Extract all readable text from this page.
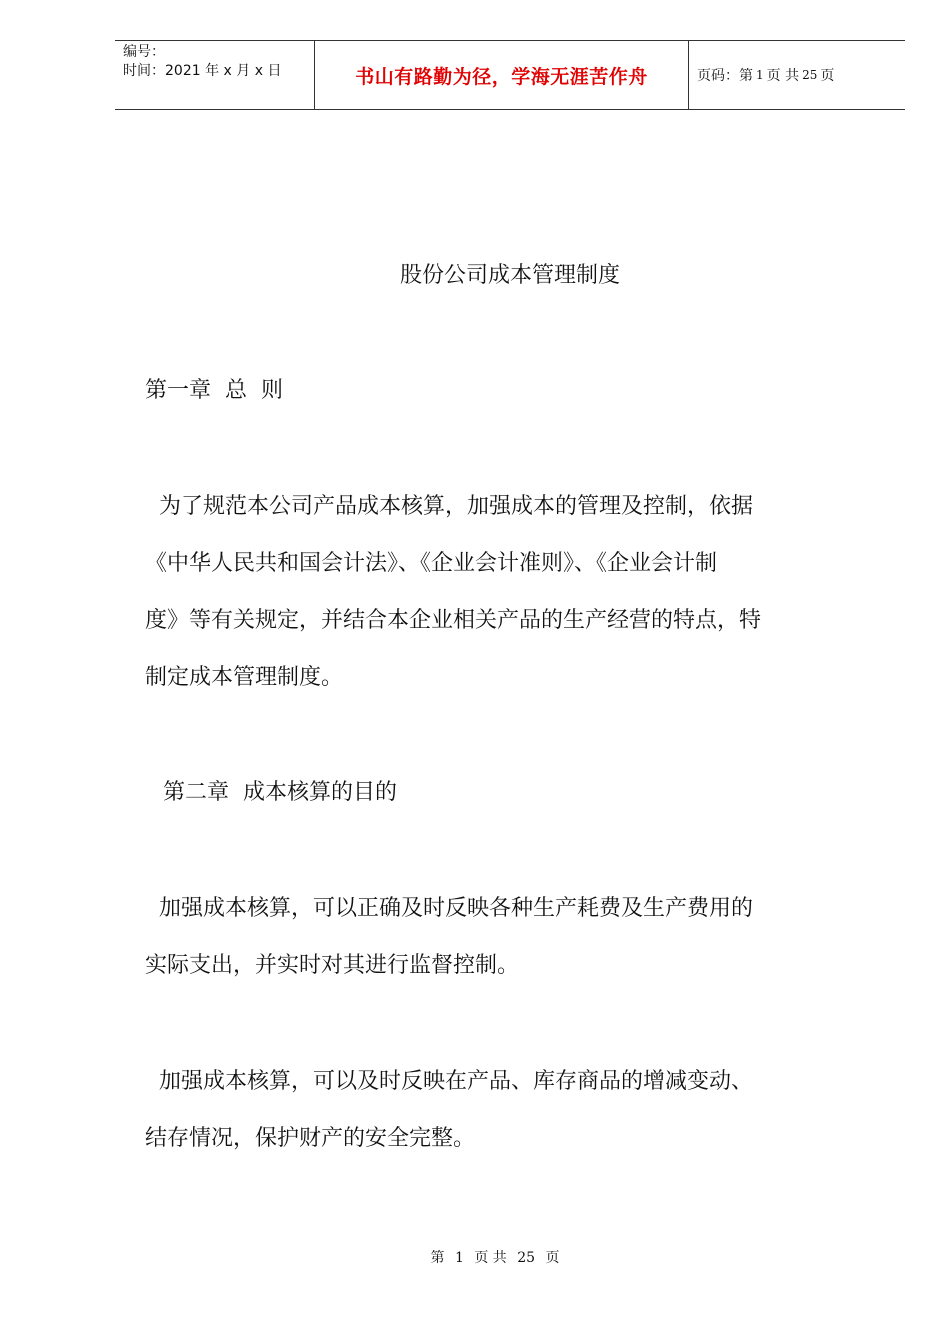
编号：
时间：2021 年 x 月 x 日	书山有路勤为径，学海无涯苦作舟	页码：第 1 页 共 25 页
股份公司成本管理制度
第一章  总  则
为了规范本公司产品成本核算，加强成本的管理及控制，依据
《中华人民共和国会计法》、《企业会计准则》、《企业会计制
度》等有关规定，并结合本企业相关产品的生产经营的特点，特
制定成本管理制度。
第二章  成本核算的目的
加强成本核算，可以正确及时反映各种生产耗费及生产费用的
实际支出，并实时对其进行监督控制。
加强成本核算，可以及时反映在产品、库存商品的增减变动、
结存情况，保护财产的安全完整。
第 1 页 共 25 页
